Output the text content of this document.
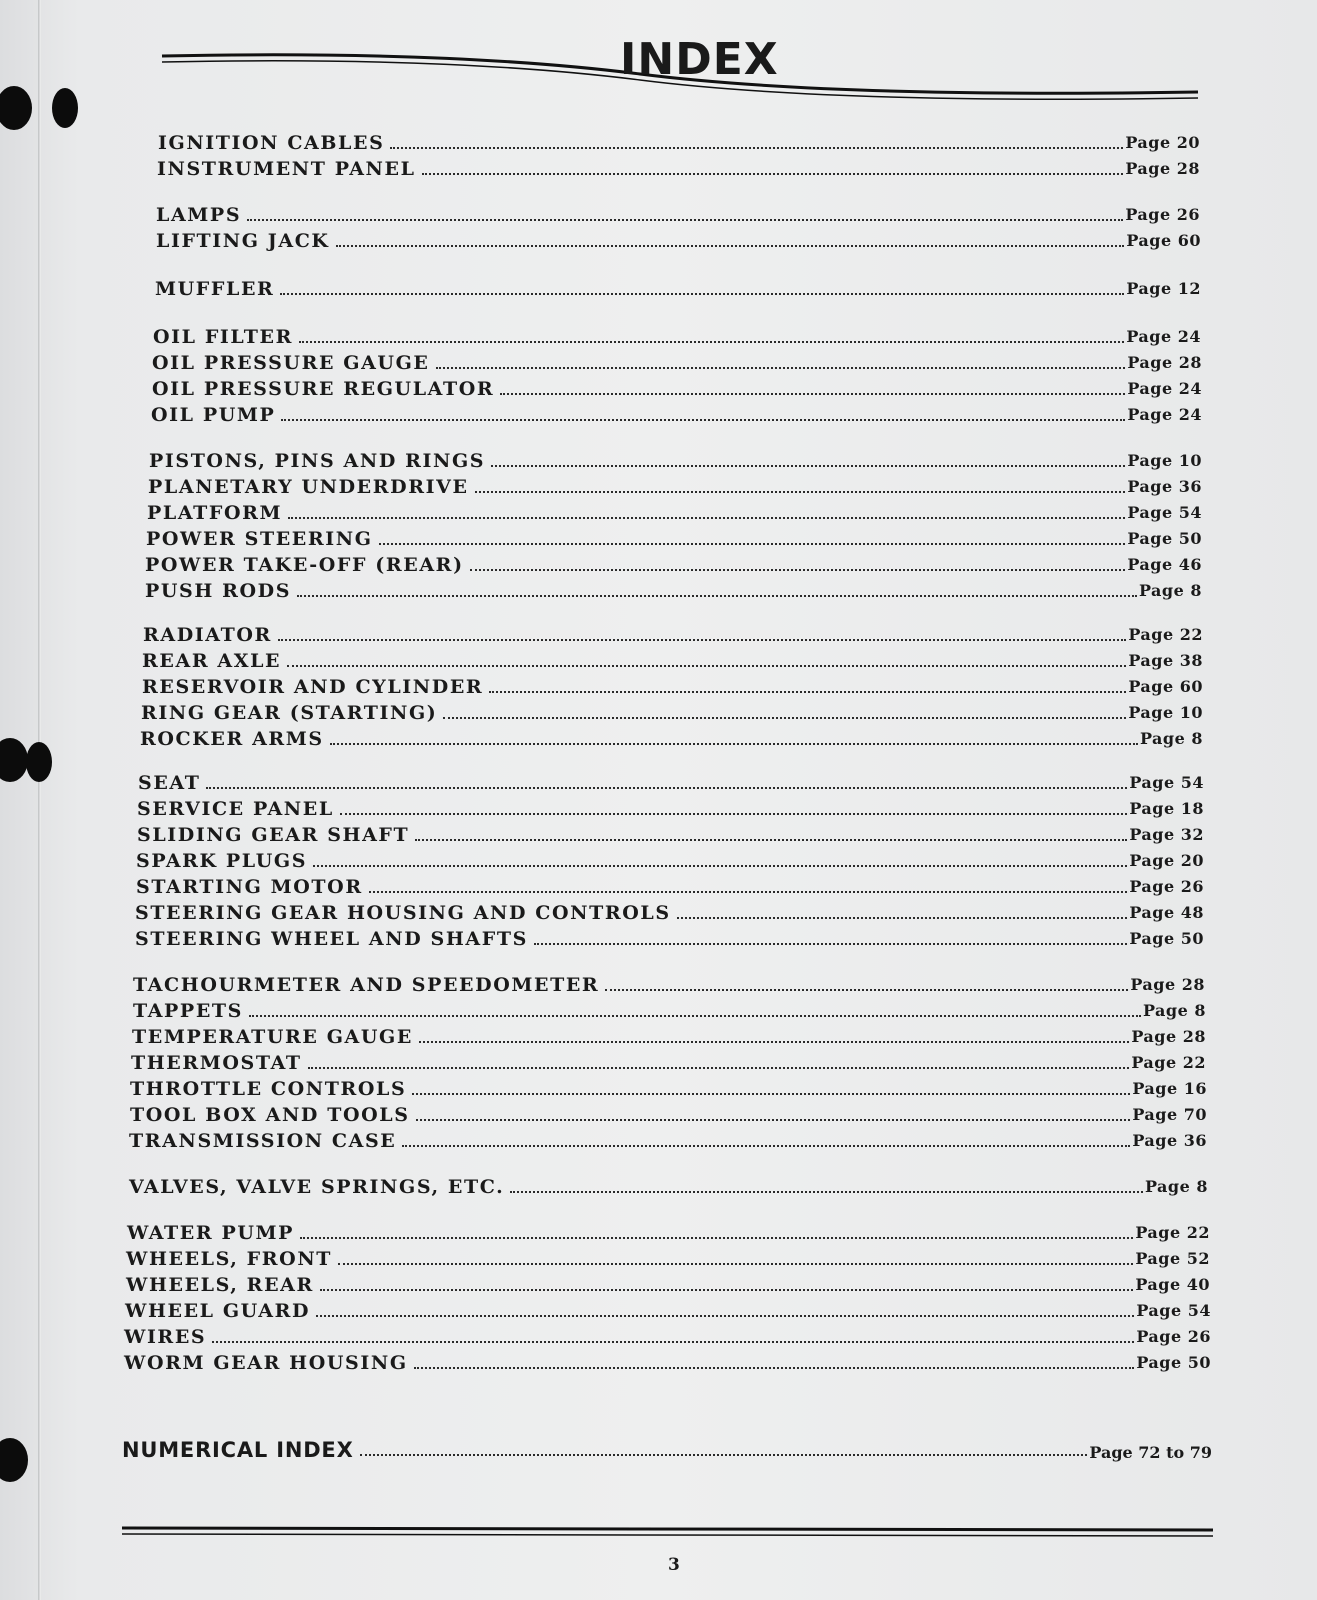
INDEX
IGNITION CABLES	Page 20
INSTRUMENT PANEL	Page 28
LAMPS	Page 26
LIFTING JACK	Page 60
MUFFLER	Page 12
OIL FILTER	Page 24
OIL PRESSURE GAUGE	Page 28
OIL PRESSURE REGULATOR	Page 24
OIL PUMP	Page 24
PISTONS, PINS AND RINGS	Page 10
PLANETARY UNDERDRIVE	Page 36
PLATFORM	Page 54
POWER STEERING	Page 50
POWER TAKE-OFF (REAR)	Page 46
PUSH RODS	Page 8
RADIATOR	Page 22
REAR AXLE	Page 38
RESERVOIR AND CYLINDER	Page 60
RING GEAR (STARTING)	Page 10
ROCKER ARMS	Page 8
SEAT	Page 54
SERVICE PANEL	Page 18
SLIDING GEAR SHAFT	Page 32
SPARK PLUGS	Page 20
STARTING MOTOR	Page 26
STEERING GEAR HOUSING AND CONTROLS	Page 48
STEERING WHEEL AND SHAFTS	Page 50
TACHOURMETER AND SPEEDOMETER	Page 28
TAPPETS	Page 8
TEMPERATURE GAUGE	Page 28
THERMOSTAT	Page 22
THROTTLE CONTROLS	Page 16
TOOL BOX AND TOOLS	Page 70
TRANSMISSION CASE	Page 36
VALVES, VALVE SPRINGS, ETC.	Page 8
WATER PUMP	Page 22
WHEELS, FRONT	Page 52
WHEELS, REAR	Page 40
WHEEL GUARD	Page 54
WIRES	Page 26
WORM GEAR HOUSING	Page 50
NUMERICAL INDEX	Page 72 to 79
3
